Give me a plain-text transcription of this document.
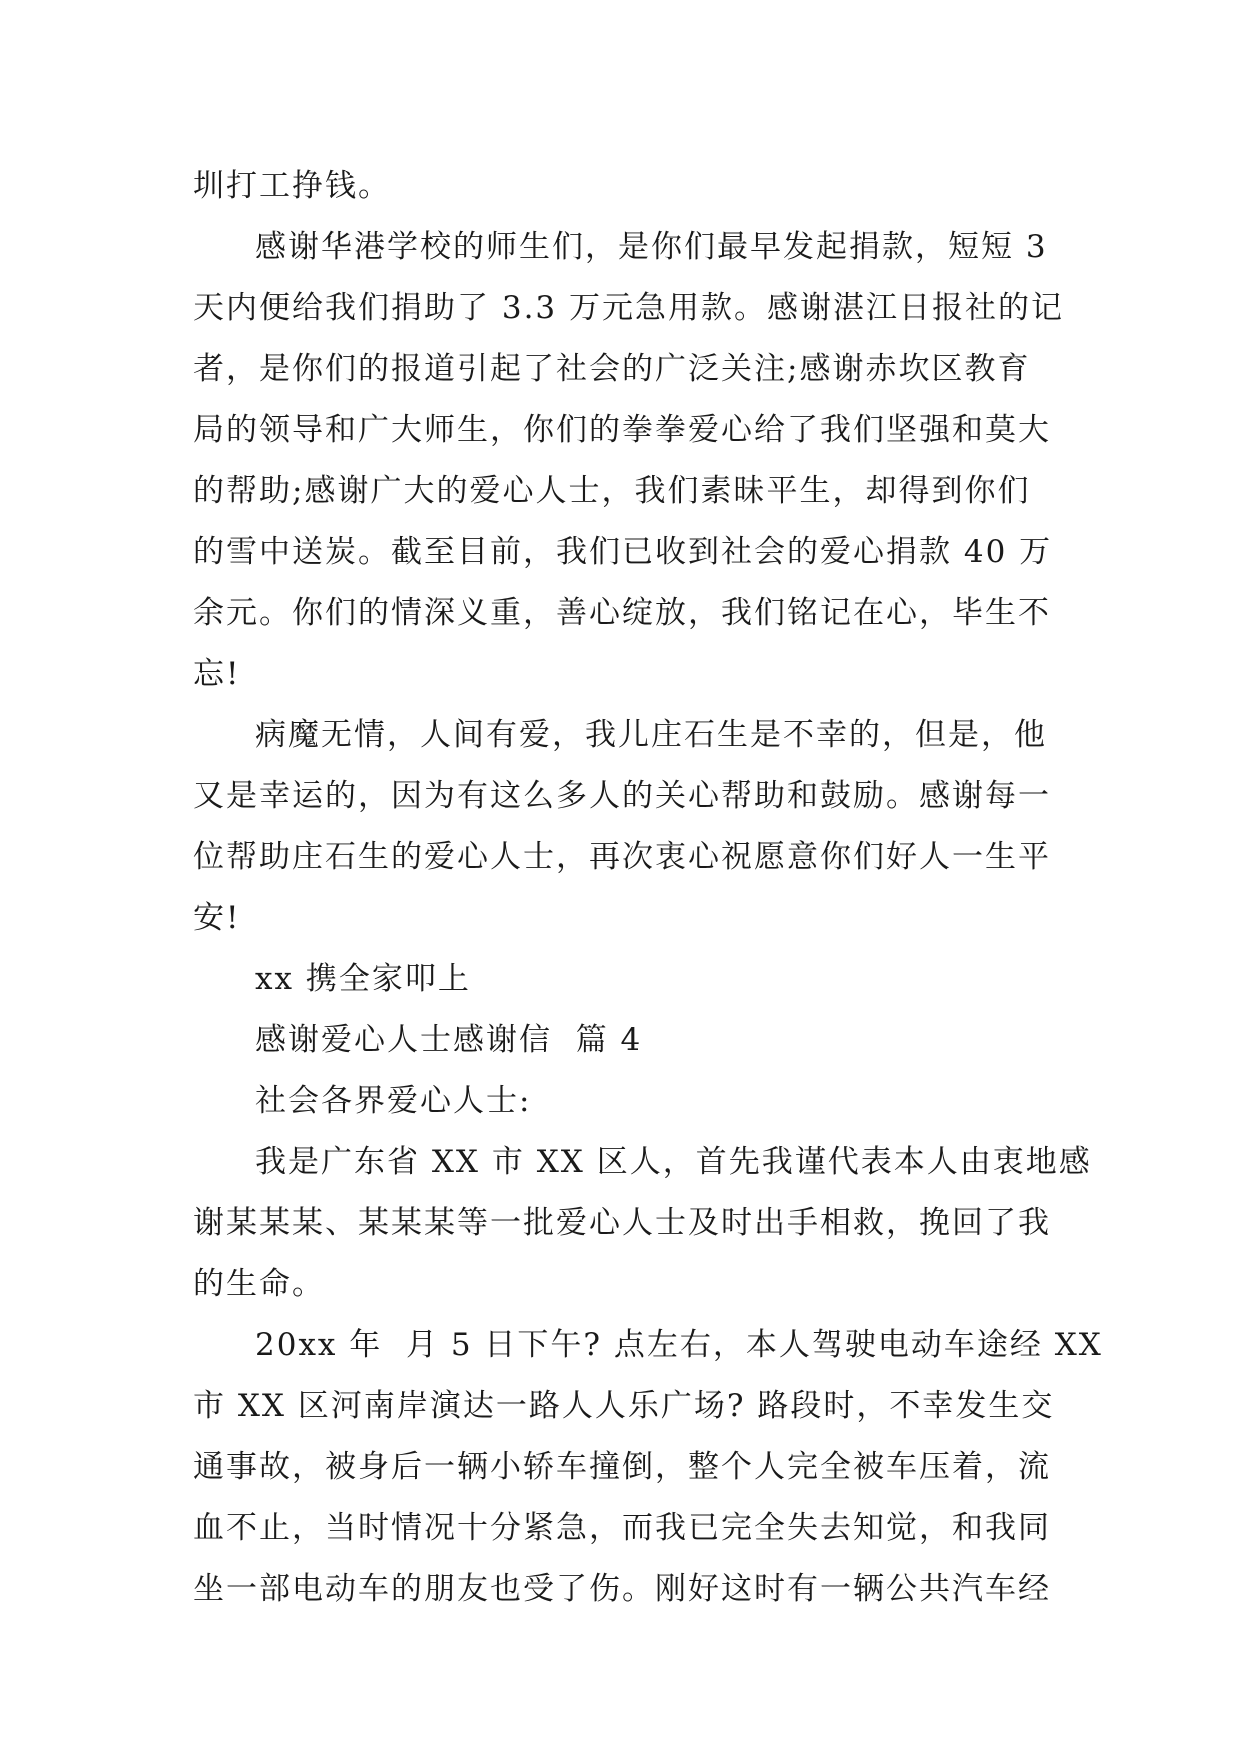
圳打工挣钱。
感谢华港学校的师生们，是你们最早发起捐款，短短 3
天内便给我们捐助了 3.3 万元急用款。感谢湛江日报社的记
者，是你们的报道引起了社会的广泛关注;感谢赤坎区教育
局的领导和广大师生，你们的拳拳爱心给了我们坚强和莫大
的帮助;感谢广大的爱心人士，我们素昧平生，却得到你们
的雪中送炭。截至目前，我们已收到社会的爱心捐款 40 万
余元。你们的情深义重，善心绽放，我们铭记在心，毕生不
忘!
病魔无情，人间有爱，我儿庄石生是不幸的，但是，他
又是幸运的，因为有这么多人的关心帮助和鼓励。感谢每一
位帮助庄石生的爱心人士，再次衷心祝愿意你们好人一生平
安!
xx 携全家叩上
感谢爱心人士感谢信  篇 4
社会各界爱心人士:
我是广东省 XX 市 XX 区人，首先我谨代表本人由衷地感
谢某某某、某某某等一批爱心人士及时出手相救，挽回了我
的生命。
20xx 年  月 5 日下午? 点左右，本人驾驶电动车途经 XX
市 XX 区河南岸演达一路人人乐广场? 路段时，不幸发生交
通事故，被身后一辆小轿车撞倒，整个人完全被车压着，流
血不止，当时情况十分紧急，而我已完全失去知觉，和我同
坐一部电动车的朋友也受了伤。刚好这时有一辆公共汽车经
